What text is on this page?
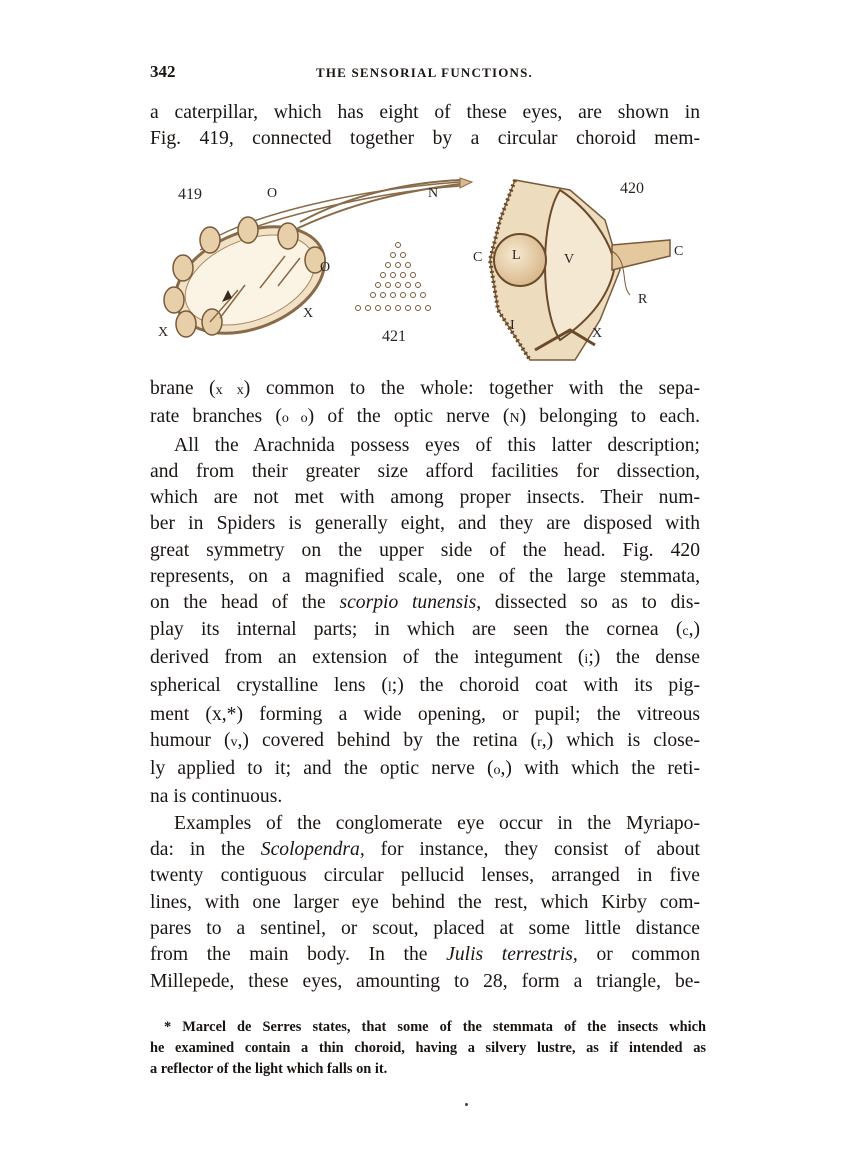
342	THE SENSORIAL FUNCTIONS.

a caterpillar, which has eight of these eyes, are shown in

Fig. 419, connected together by a circular choroid mem-

419	O	N
O
X
X
421
420
C L	V
C
R
I
X

brane (x x) common to the whole: together with the sepa-

rate branches (o o) of the optic nerve (N) belonging to each.

All the Arachnida possess eyes of this latter description;

and from their greater size afford facilities for dissection,

which are not met with among proper insects. Their num-

ber in Spiders is generally eight, and they are disposed with

great symmetry on the upper side of the head. Fig. 420

represents, on a magnified scale, one of the large stemmata,

on the head of the scorpio tunensis, dissected so as to dis-

play its internal parts; in which are seen the cornea (c,)

derived from an extension of the integument (i;) the dense

spherical crystalline lens (l;) the choroid coat with its pig-

ment (x,*) forming a wide opening, or pupil; the vitreous

humour (v,) covered behind by the retina (r,) which is close-

ly applied to it; and the optic nerve (o,) with which the reti-

na is continuous.

Examples of the conglomerate eye occur in the Myriapo-

da: in the Scolopendra, for instance, they consist of about

twenty contiguous circular pellucid lenses, arranged in five

lines, with one larger eye behind the rest, which Kirby com-

pares to a sentinel, or scout, placed at some little distance

from the main body. In the Julis terrestris, or common

Millepede, these eyes, amounting to 28, form a triangle, be-

* Marcel de Serres states, that some of the stemmata of the insects which

he examined contain a thin choroid, having a silvery lustre, as if intended as

a reflector of the light which falls on it.
